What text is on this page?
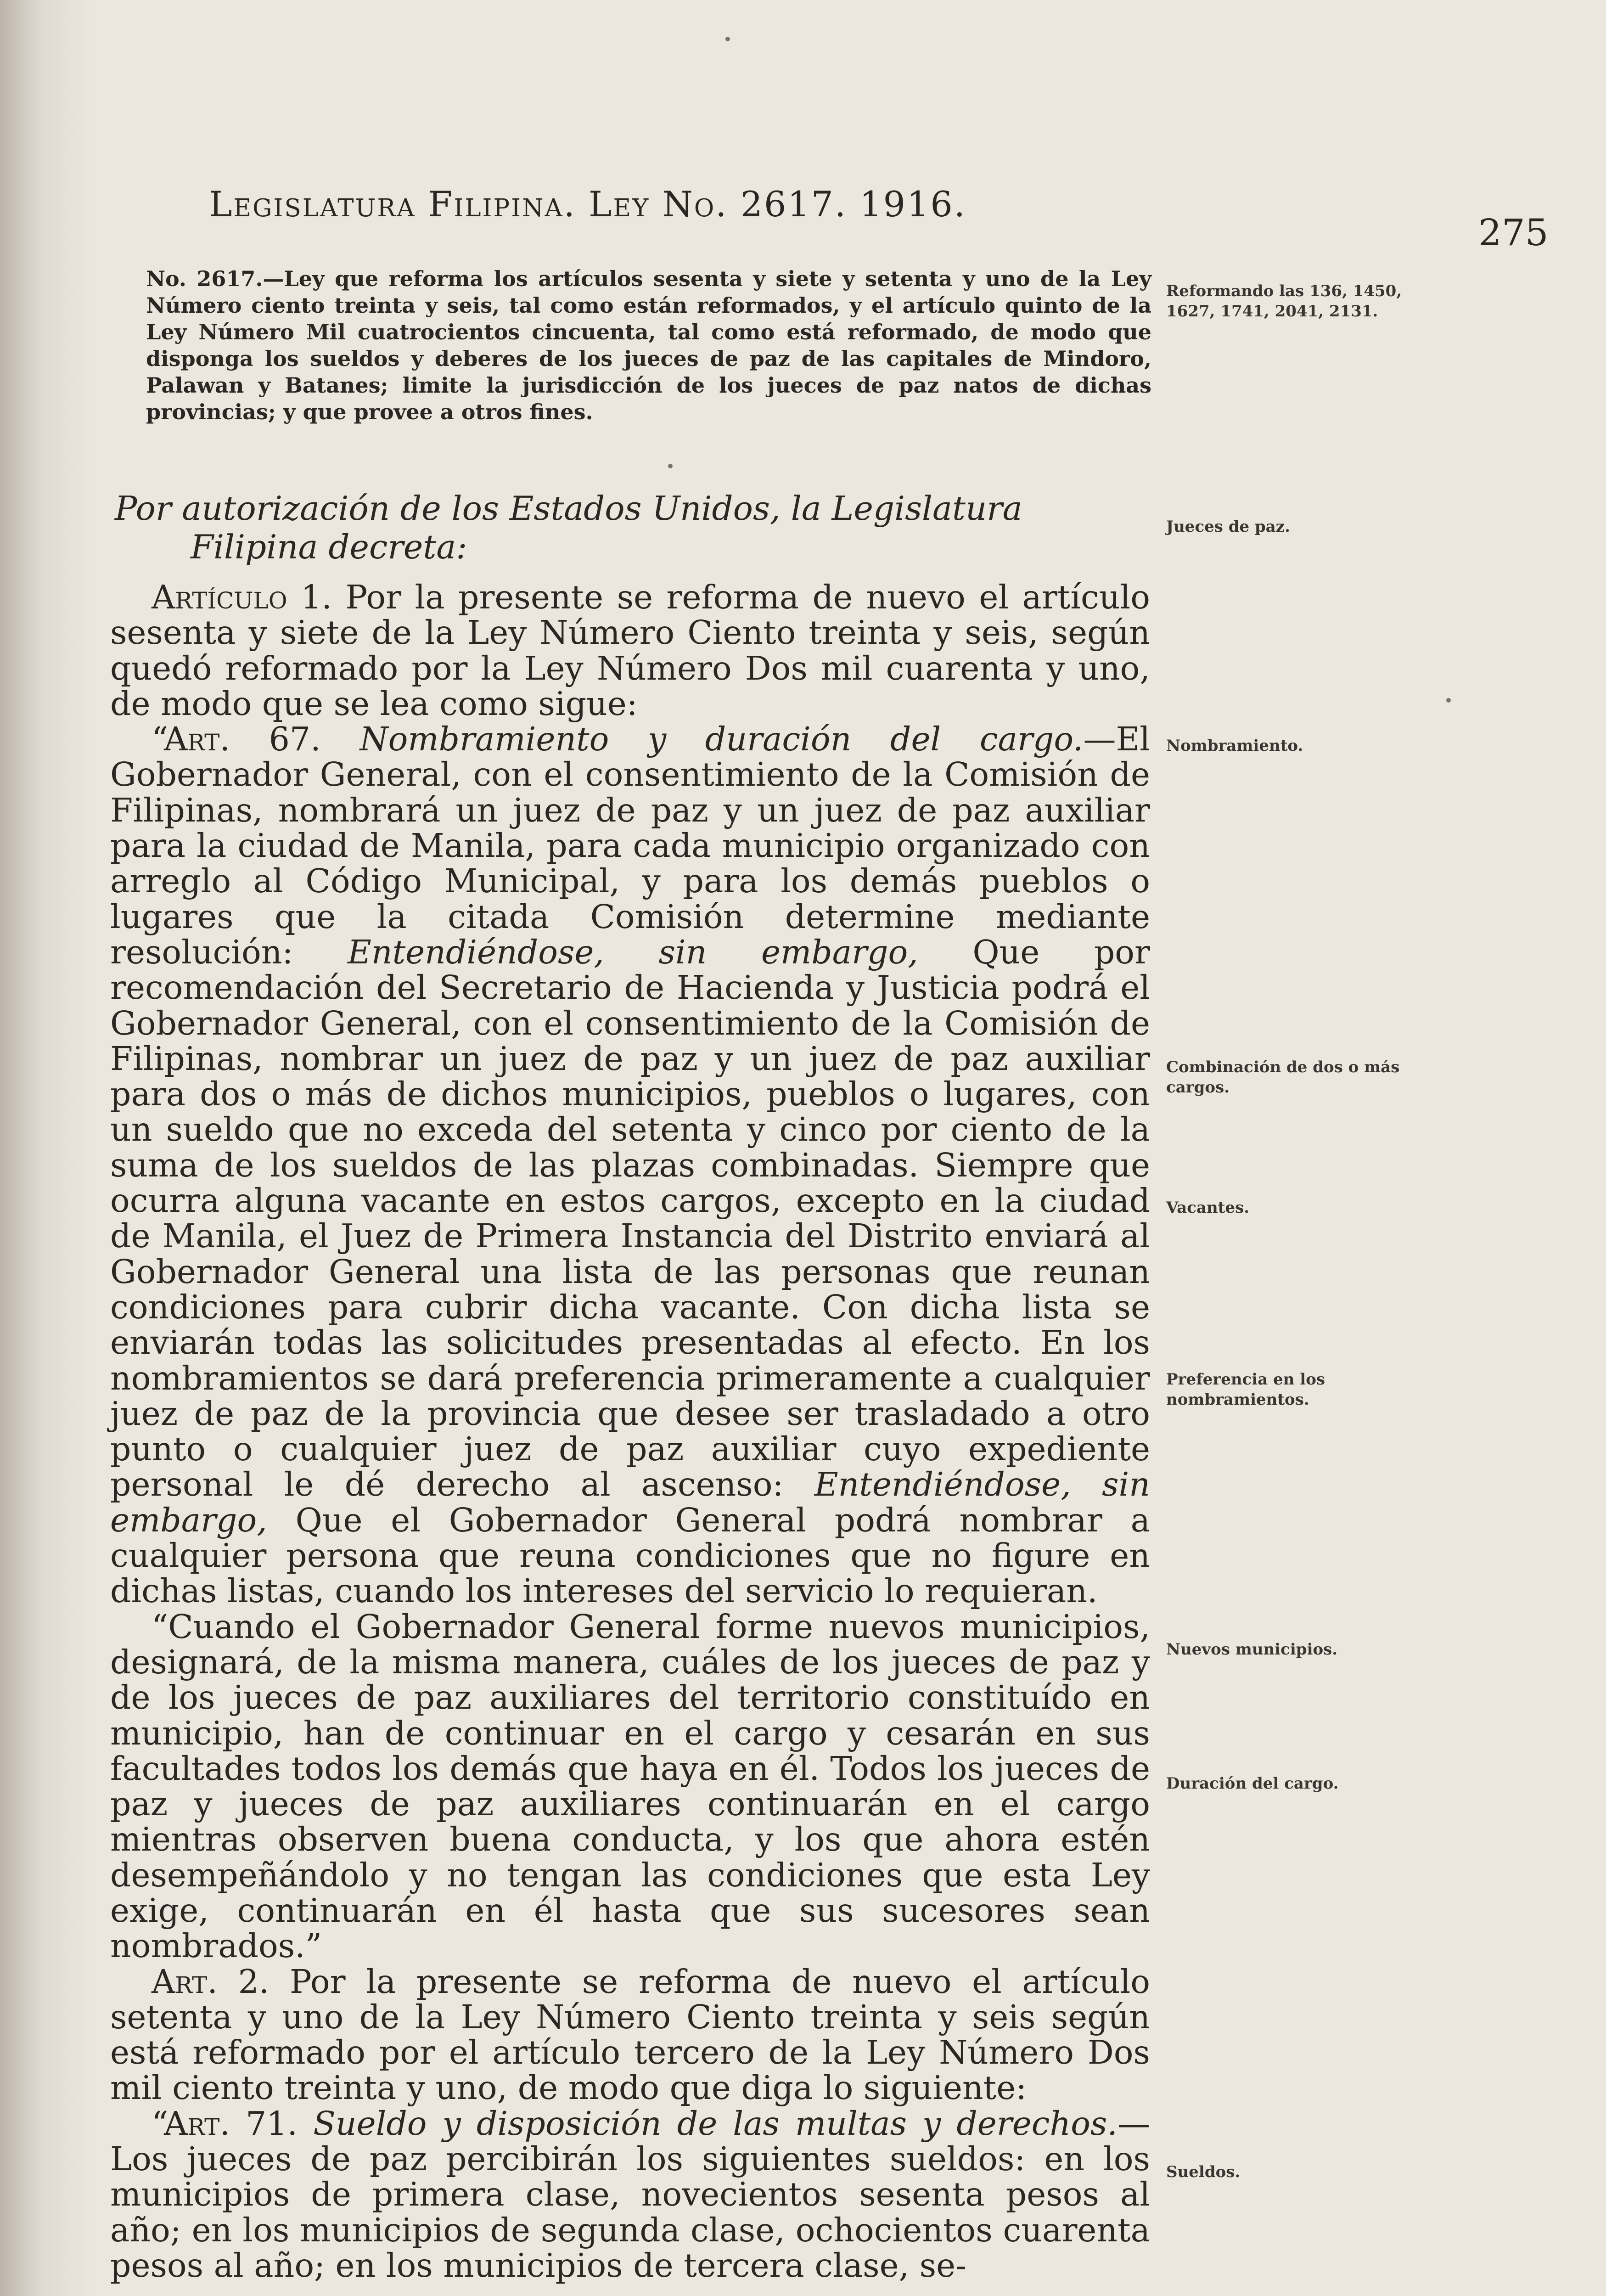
Legislatura Filipina. Ley No. 2617. 1916.
275
No. 2617.—Ley que reforma los artículos sesenta y siete y setenta y uno de la Ley Número ciento treinta y seis, tal como están reformados, y el artículo quinto de la Ley Número Mil cuatrocientos cincuenta, tal como está reformado, de modo que disponga los sueldos y deberes de los jueces de paz de las capitales de Mindoro, Palawan y Batanes; limite la jurisdicción de los jueces de paz natos de dichas provincias; y que provee a otros fines.
Por autorización de los Estados Unidos, la Legislatura
Filipina decreta:

Artículo 1. Por la presente se reforma de nuevo el artículo sesenta y siete de la Ley Número Ciento treinta y seis, según quedó reformado por la Ley Número Dos mil cuarenta y uno, de modo que se lea como sigue:

“Art. 67. Nombramiento y duración del cargo.—El Gobernador General, con el consentimiento de la Comisión de Filipinas, nombrará un juez de paz y un juez de paz auxiliar para la ciudad de Manila, para cada municipio organizado con arreglo al Código Municipal, y para los demás pueblos o lugares que la citada Comisión determine mediante resolución: Entendiéndose, sin embargo, Que por recomendación del Secretario de Hacienda y Justicia podrá el Gobernador General, con el consentimiento de la Comisión de Filipinas, nombrar un juez de paz y un juez de paz auxiliar para dos o más de dichos municipios, pueblos o lugares, con un sueldo que no exceda del setenta y cinco por ciento de la suma de los sueldos de las plazas combinadas. Siempre que ocurra alguna vacante en estos cargos, excepto en la ciudad de Manila, el Juez de Primera Instancia del Distrito enviará al Gobernador General una lista de las personas que reunan condiciones para cubrir dicha vacante. Con dicha lista se enviarán todas las solicitudes presentadas al efecto. En los nombramientos se dará preferencia primeramente a cualquier juez de paz de la provincia que desee ser trasladado a otro punto o cualquier juez de paz auxiliar cuyo expediente personal le dé derecho al ascenso: Entendiéndose, sin embargo, Que el Gobernador General podrá nombrar a cualquier persona que reuna condiciones que no figure en dichas listas, cuando los intereses del servicio lo requieran.

“Cuando el Gobernador General forme nuevos municipios, designará, de la misma manera, cuáles de los jueces de paz y de los jueces de paz auxiliares del territorio constituído en municipio, han de continuar en el cargo y cesarán en sus facultades todos los demás que haya en él. Todos los jueces de paz y jueces de paz auxiliares continuarán en el cargo mientras observen buena conducta, y los que ahora estén desempeñándolo y no tengan las condiciones que esta Ley exige, continuarán en él hasta que sus sucesores sean nombrados.”

Art. 2. Por la presente se reforma de nuevo el artículo setenta y uno de la Ley Número Ciento treinta y seis según está reformado por el artículo tercero de la Ley Número Dos mil ciento treinta y uno, de modo que diga lo siguiente:

“Art. 71. Sueldo y disposición de las multas y derechos.—Los jueces de paz percibirán los siguientes sueldos: en los municipios de primera clase, novecientos sesenta pesos al año; en los municipios de segunda clase, ochocientos cuarenta pesos al año; en los municipios de tercera clase, se-

Reformando las 136, 1450, 1627, 1741, 2041, 2131.
Jueces de paz.
Nombramiento.
Combinación de dos o más cargos.
Vacantes.
Preferencia en los nombramientos.
Nuevos municipios.
Duración del cargo.
Sueldos.
